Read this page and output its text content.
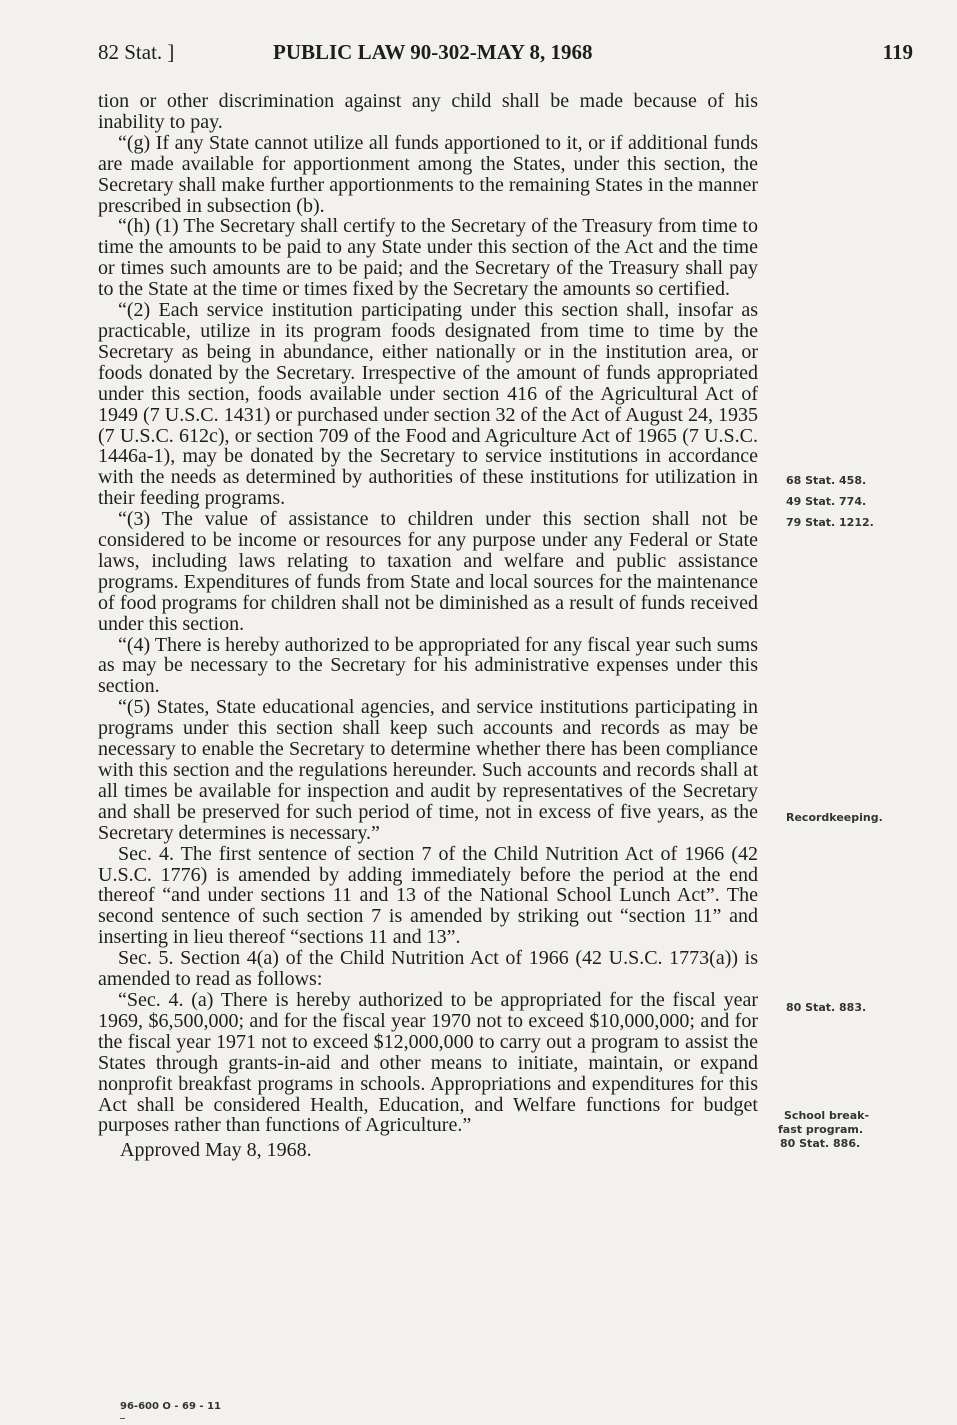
82 Stat. ]	PUBLIC LAW 90-302-MAY 8, 1968	119

tion or other discrimination against any child shall be made because of his inability to pay.

“(g) If any State cannot utilize all funds apportioned to it, or if additional funds are made available for apportionment among the States, under this section, the Secretary shall make further apportionments to the remaining States in the manner prescribed in subsection (b).

“(h) (1) The Secretary shall certify to the Secretary of the Treasury from time to time the amounts to be paid to any State under this section of the Act and the time or times such amounts are to be paid; and the Secretary of the Treasury shall pay to the State at the time or times fixed by the Secretary the amounts so certified.

“(2) Each service institution participating under this section shall, insofar as practicable, utilize in its program foods designated from time to time by the Secretary as being in abundance, either nationally or in the institution area, or foods donated by the Secretary. Irrespective of the amount of funds appropriated under this section, foods available under section 416 of the Agricultural Act of 1949 (7 U.S.C. 1431) or purchased under section 32 of the Act of August 24, 1935 (7 U.S.C. 612c), or section 709 of the Food and Agriculture Act of 1965 (7 U.S.C. 1446a-1), may be donated by the Secretary to service institutions in accordance with the needs as determined by authorities of these institutions for utilization in their feeding programs.

“(3) The value of assistance to children under this section shall not be considered to be income or resources for any purpose under any Federal or State laws, including laws relating to taxation and welfare and public assistance programs. Expenditures of funds from State and local sources for the maintenance of food programs for children shall not be diminished as a result of funds received under this section.

“(4) There is hereby authorized to be appropriated for any fiscal year such sums as may be necessary to the Secretary for his administrative expenses under this section.

“(5) States, State educational agencies, and service institutions participating in programs under this section shall keep such accounts and records as may be necessary to enable the Secretary to determine whether there has been compliance with this section and the regulations hereunder. Such accounts and records shall at all times be available for inspection and audit by representatives of the Secretary and shall be preserved for such period of time, not in excess of five years, as the Secretary determines is necessary.”

Sec. 4. The first sentence of section 7 of the Child Nutrition Act of 1966 (42 U.S.C. 1776) is amended by adding immediately before the period at the end thereof “and under sections 11 and 13 of the National School Lunch Act”. The second sentence of such section 7 is amended by striking out “section 11” and inserting in lieu thereof “sections 11 and 13”.

Sec. 5. Section 4(a) of the Child Nutrition Act of 1966 (42 U.S.C. 1773(a)) is amended to read as follows:

“Sec. 4. (a) There is hereby authorized to be appropriated for the fiscal year 1969, $6,500,000; and for the fiscal year 1970 not to exceed $10,000,000; and for the fiscal year 1971 not to exceed $12,000,000 to carry out a program to assist the States through grants-in-aid and other means to initiate, maintain, or expand nonprofit breakfast programs in schools. Appropriations and expenditures for this Act shall be considered Health, Education, and Welfare functions for budget purposes rather than functions of Agriculture.”

Approved May 8, 1968.

68 Stat. 458.
49 Stat. 774.
79 Stat. 1212.
Recordkeeping.
80 Stat. 883.
School break-
fast program.
80 Stat. 886.
96-600 O - 69 - 11
